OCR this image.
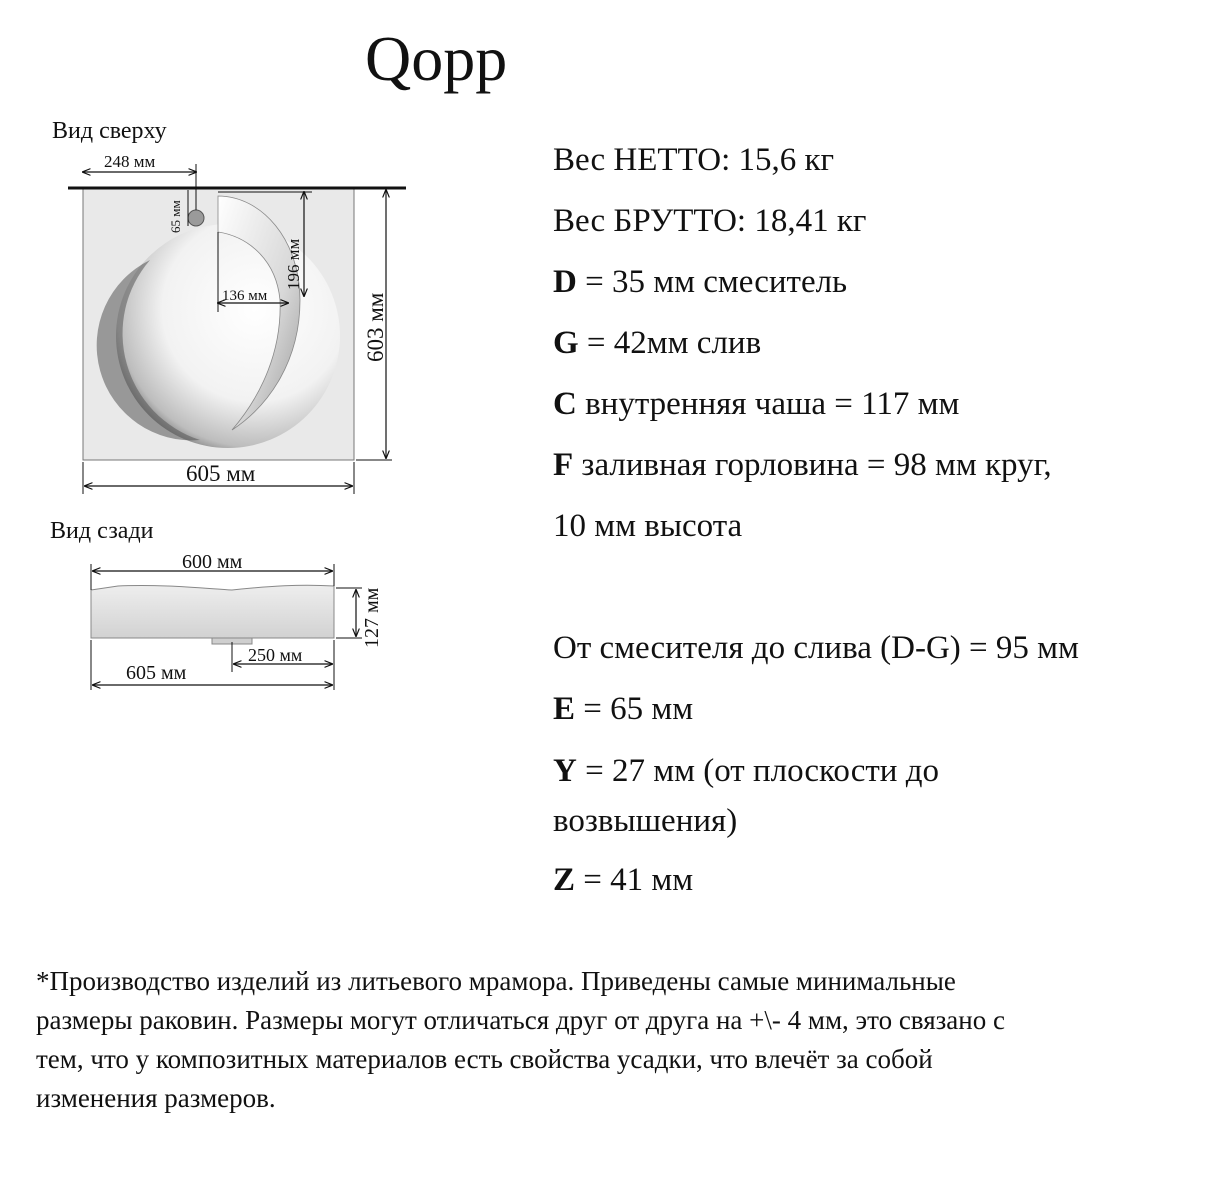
Qopp
Вид сверху
Вид сзади
248 мм
65 мм
196 мм
136 мм	603 мм
605 мм
600 мм
127 мм
250 мм
605 мм
Вес НЕТТО: 15,6 кг
Вес БРУТТО: 18,41 кг
D = 35 мм смеситель
G = 42мм слив
C внутренняя чаша = 117 мм
F заливная горловина = 98 мм круг,
10 мм высота
От смесителя до слива (D-G) = 95 мм
E = 65 мм
Y = 27 мм (от плоскости до
возвышения)
Z = 41 мм
*Производство изделий из литьевого мрамора. Приведены самые минимальные размеры раковин. Размеры могут отличаться друг от друга на +\- 4 мм, это связано с тем, что у композитных материалов есть свойства усадки, что влечёт за собой изменения размеров.
